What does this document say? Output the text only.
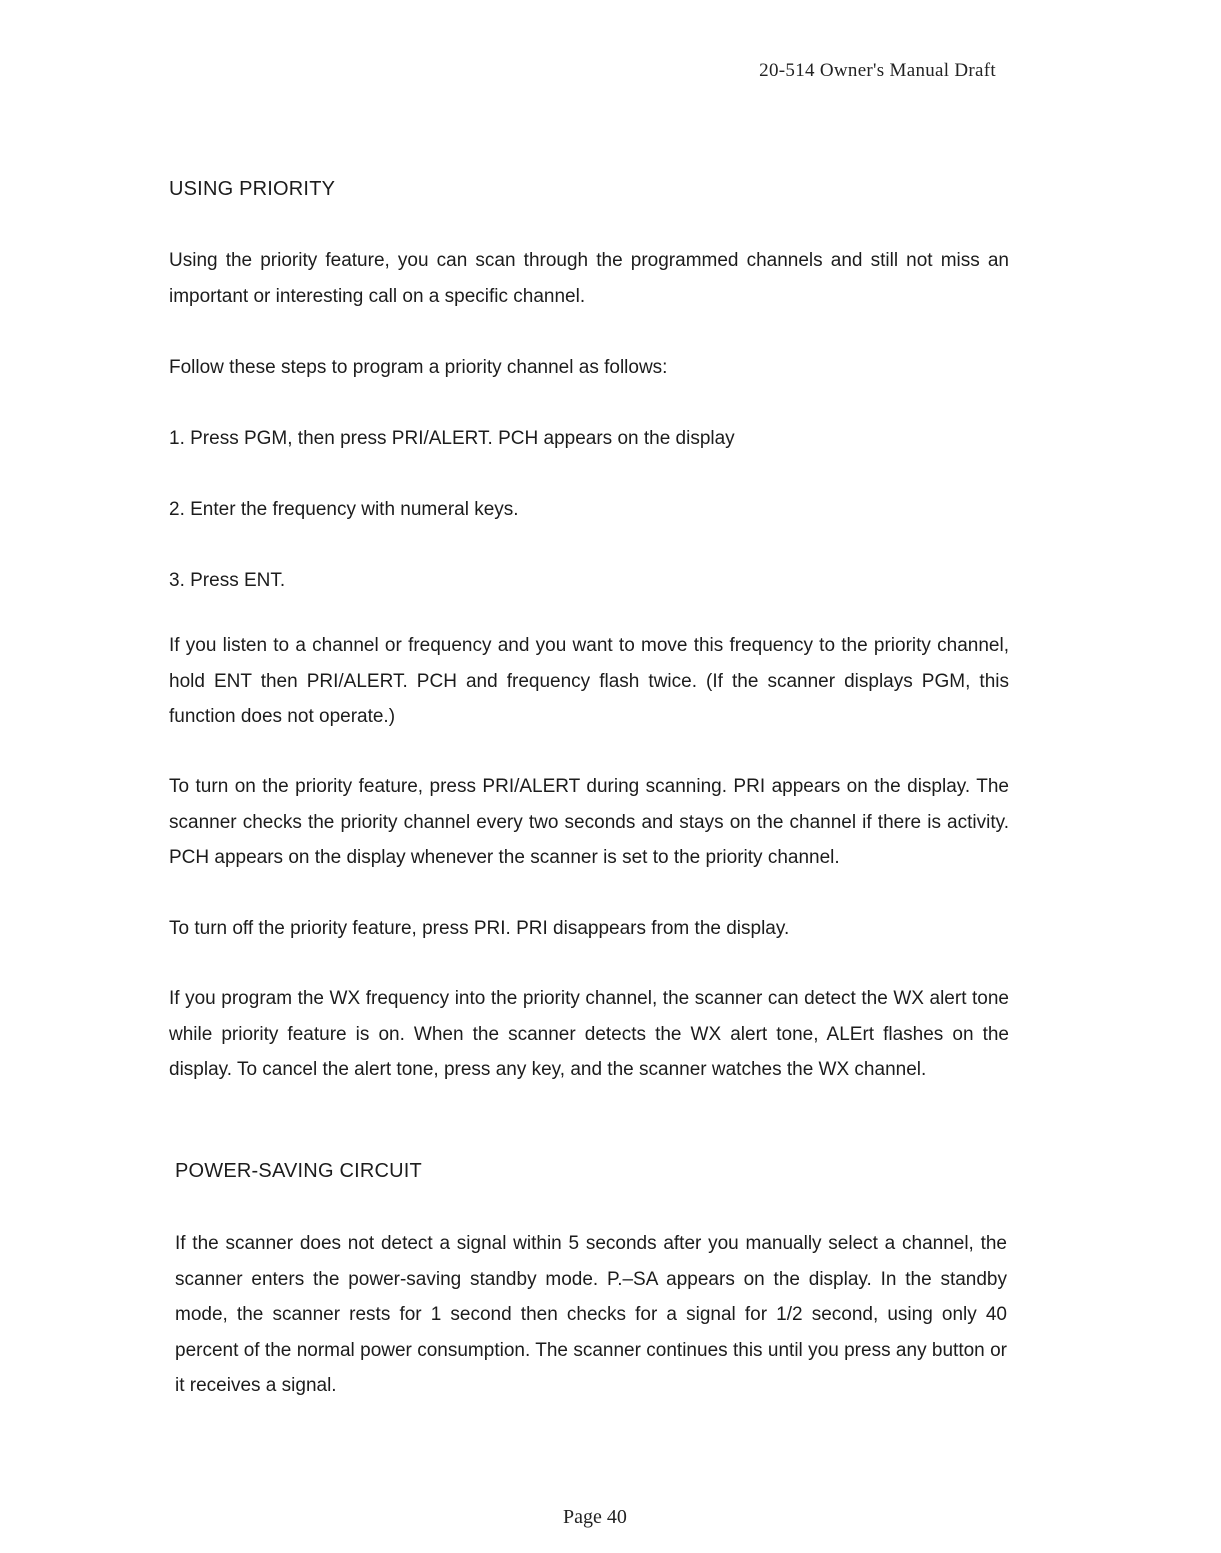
20-514 Owner's Manual Draft
USING PRIORITY

Using the priority feature, you can scan through the programmed channels and still not miss an important or interesting call on a specific channel.

Follow these steps to program a priority channel as follows:

1. Press PGM, then press PRI/ALERT. PCH appears on the display

2. Enter the frequency with numeral keys.

3. Press ENT.

If you listen to a channel or frequency and you want to move this frequency to the priority channel, hold ENT then PRI/ALERT. PCH and frequency flash twice. (If the scanner displays PGM, this function does not operate.)

To turn on the priority feature, press PRI/ALERT during scanning. PRI appears on the display. The scanner checks the priority channel every two seconds and stays on the channel if there is activity. PCH appears on the display whenever the scanner is set to the priority channel.

To turn off the priority feature, press PRI. PRI disappears from the display.

If you program the WX frequency into the priority channel, the scanner can detect the WX alert tone while priority feature is on. When the scanner detects the WX alert tone, ALErt flashes on the display. To cancel the alert tone, press any key, and the scanner watches the WX channel.

POWER-SAVING CIRCUIT

If the scanner does not detect a signal within 5 seconds after you manually select a channel, the scanner enters the power-saving standby mode. P.–SA appears on the display. In the standby mode, the scanner rests for 1 second then checks for a signal for 1/2 second, using only 40 percent of the normal power consumption. The scanner continues this until you press any button or it receives a signal.

Page 40
